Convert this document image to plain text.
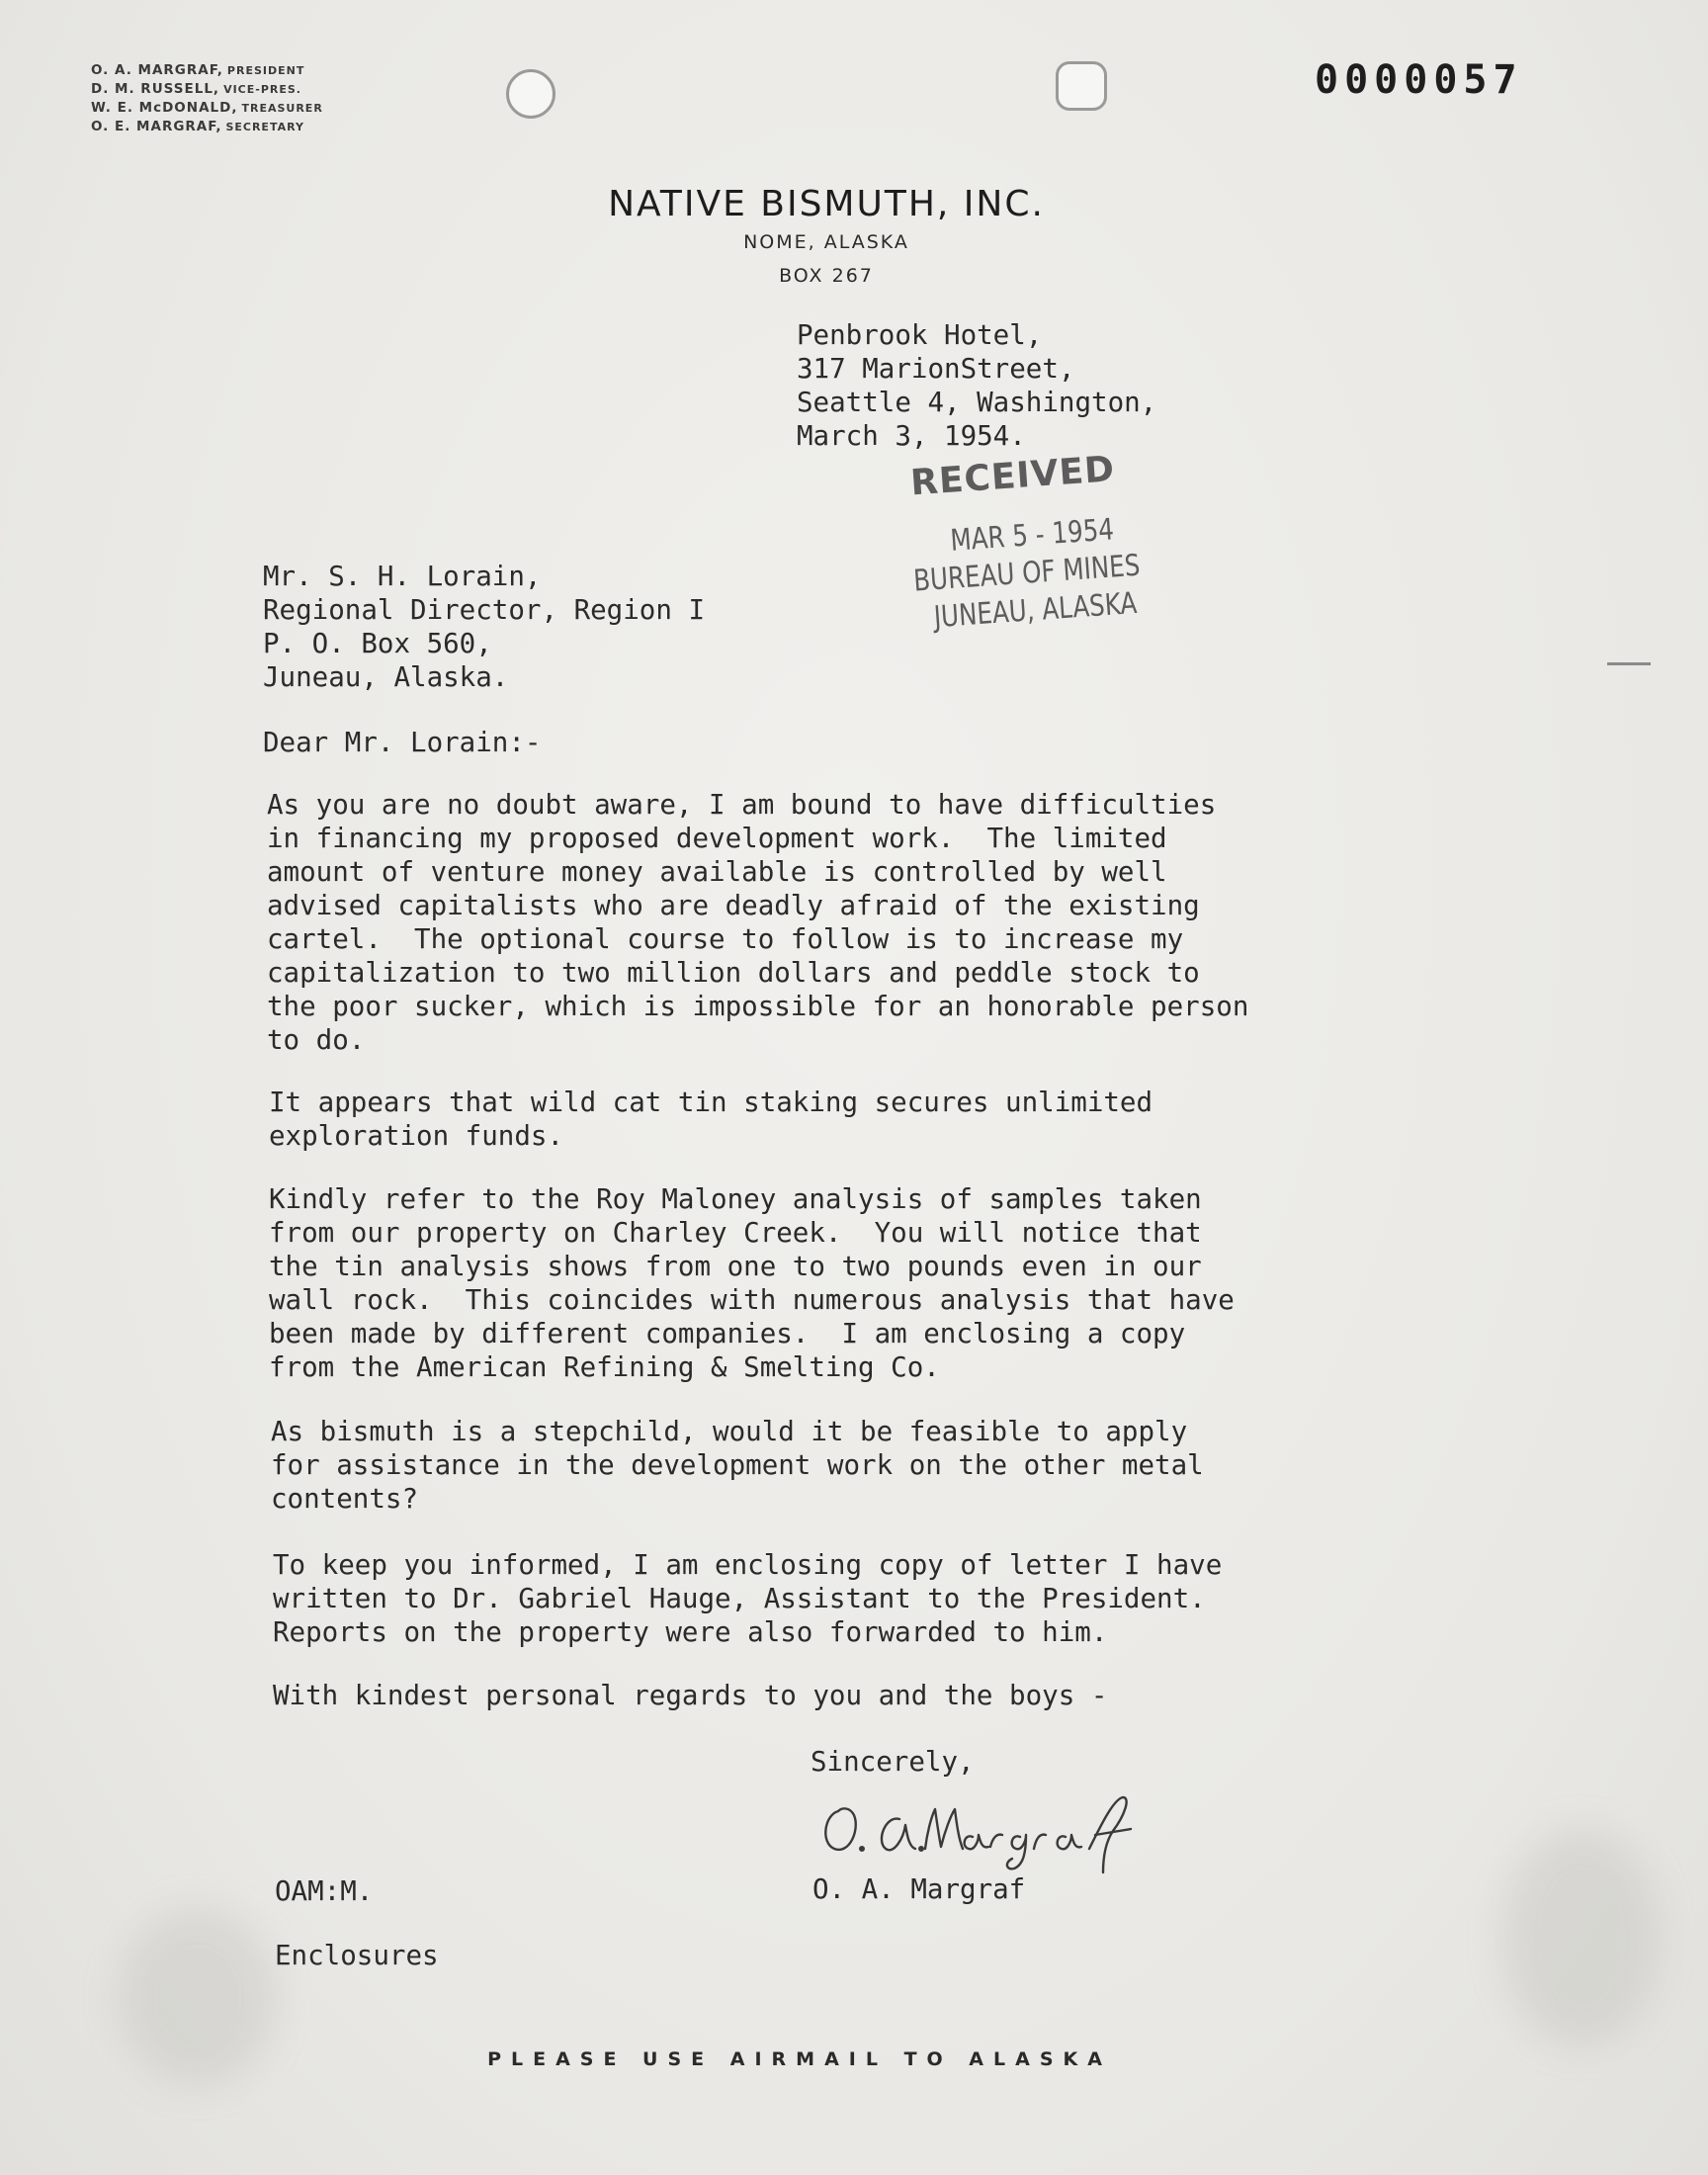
0000057
O. A. MARGRAF, PRESIDENT
D. M. RUSSELL, VICE-PRES.
W. E. McDONALD, TREASURER
O. E. MARGRAF, SECRETARY
NATIVE BISMUTH, INC.
NOME, ALASKA
BOX 267
Penbrook Hotel,
317 MarionStreet,
Seattle 4, Washington,
March 3, 1954.
RECEIVED
MAR 5 - 1954
BUREAU OF MINES
JUNEAU, ALASKA
Mr. S. H. Lorain,
Regional Director, Region I
P. O. Box 560,
Juneau, Alaska.
Dear Mr. Lorain:-
As you are no doubt aware, I am bound to have difficulties
in financing my proposed development work.  The limited
amount of venture money available is controlled by well
advised capitalists who are deadly afraid of the existing
cartel.  The optional course to follow is to increase my
capitalization to two million dollars and peddle stock to
the poor sucker, which is impossible for an honorable person
to do.
It appears that wild cat tin staking secures unlimited
exploration funds.
Kindly refer to the Roy Maloney analysis of samples taken
from our property on Charley Creek.  You will notice that
the tin analysis shows from one to two pounds even in our
wall rock.  This coincides with numerous analysis that have
been made by different companies.  I am enclosing a copy
from the American Refining & Smelting Co.
As bismuth is a stepchild, would it be feasible to apply
for assistance in the development work on the other metal
contents?
To keep you informed, I am enclosing copy of letter I have
written to Dr. Gabriel Hauge, Assistant to the President.
Reports on the property were also forwarded to him.
With kindest personal regards to you and the boys -
Sincerely,
O. A. Margraf
OAM:M.
Enclosures
PLEASE USE AIRMAIL TO ALASKA
